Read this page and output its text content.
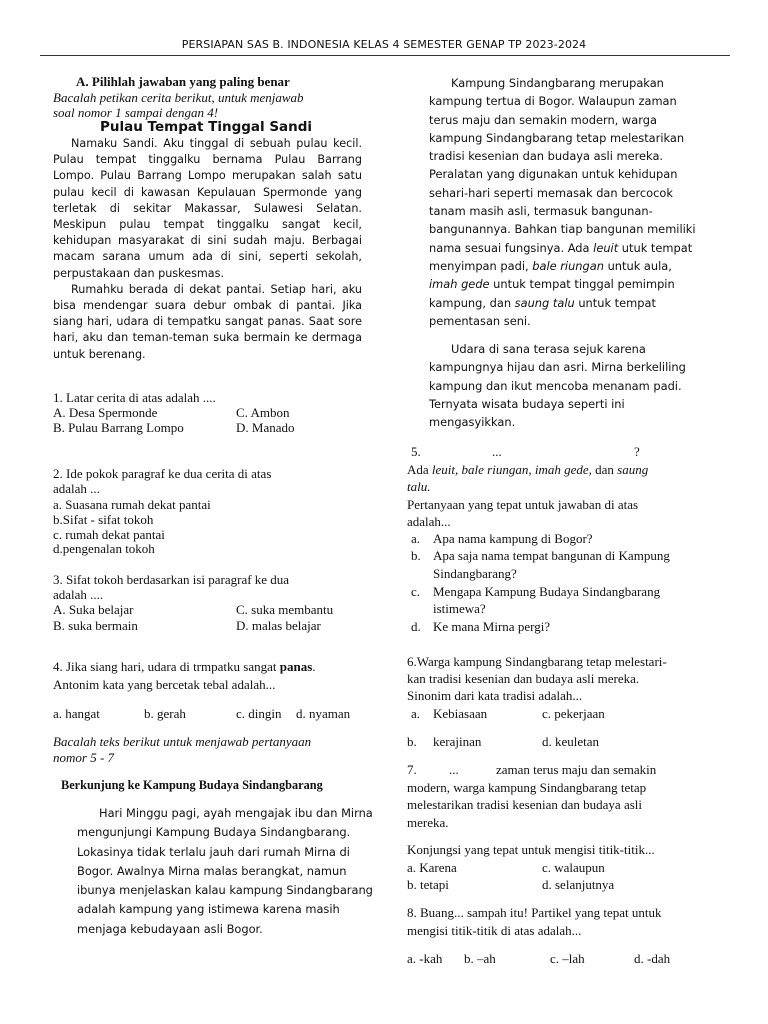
PERSIAPAN SAS B. INDONESIA KELAS 4 SEMESTER GENAP TP 2023-2024
A. Pilihlah jawaban yang paling benar
Bacalah petikan cerita berikut, untuk menjawab
soal nomor 1 sampai dengan 4!
Pulau Tempat Tinggal Sandi

Namaku Sandi. Aku tinggal di sebuah pulau kecil. Pulau tempat tinggalku bernama Pulau Barrang Lompo. Pulau Barrang Lompo merupakan salah satu pulau kecil di kawasan Kepulauan Spermonde yang terletak di sekitar Makassar, Sulawesi Selatan. Meskipun pulau tempat tinggalku sangat kecil, kehidupan masyarakat di sini sudah maju. Berbagai macam sarana umum ada di sini, seperti sekolah, perpustakaan dan puskesmas.

Rumahku berada di dekat pantai. Setiap hari, aku bisa mendengar suara debur ombak di pantai. Jika siang hari, udara di tempatku sangat panas. Saat sore hari, aku dan teman-teman suka bermain ke dermaga untuk berenang.

1. Latar cerita di atas adalah ....
A. Desa Spermonde	C. Ambon
B. Pulau Barrang Lompo	D. Manado
2. Ide pokok paragraf ke dua cerita di atas
adalah ...
a. Suasana rumah dekat pantai
b.Sifat - sifat tokoh
c. rumah dekat pantai
d.pengenalan tokoh
3. Sifat tokoh berdasarkan isi paragraf ke dua
adalah ....
A. Suka belajar	C. suka membantu
B. suka bermain	D. malas belajar
4. Jika siang hari, udara di trmpatku sangat panas.
Antonim kata yang bercetak tebal adalah...
a. hangat	b. gerah	c. dingin d. nyaman
Bacalah teks berikut untuk menjawab pertanyaan
nomor 5 - 7
Berkunjung ke Kampung Budaya Sindangbarang

Hari Minggu pagi, ayah mengajak ibu dan Mirna mengunjungi Kampung Budaya Sindangbarang. Lokasinya tidak terlalu jauh dari rumah Mirna di Bogor. Awalnya Mirna malas berangkat, namun ibunya menjelaskan kalau kampung Sindangbarang adalah kampung yang istimewa karena masih menjaga kebudayaan asli Bogor.

Kampung Sindangbarang merupakan
kampung tertua di Bogor. Walaupun zaman
terus maju dan semakin modern, warga
kampung Sindangbarang tetap melestarikan
tradisi kesenian dan budaya asli mereka.
Peralatan yang digunakan untuk kehidupan
sehari-hari seperti memasak dan bercocok
tanam masih asli, termasuk bangunan-
bangunannya. Bahkan tiap bangunan memiliki
nama sesuai fungsinya. Ada leuit utuk tempat
menyimpan padi, bale riungan untuk aula,
imah gede untuk tempat tinggal pemimpin
kampung, dan saung talu untuk tempat
pementasan seni.
Udara di sana terasa sejuk karena
kampungnya hijau dan asri. Mirna berkeliling
kampung dan ikut mencoba menanam padi.
Ternyata wisata budaya seperti ini
mengasyikkan.
5.	...	?
Ada leuit, bale riungan, imah gede, dan saung
talu.
Pertanyaan yang tepat untuk jawaban di atas
adalah...
a. Apa nama kampung di Bogor?
b. Apa saja nama tempat bangunan di Kampung
Sindangbarang?
c. Mengapa Kampung Budaya Sindangbarang
istimewa?
d. Ke mana Mirna pergi?
6.Warga kampung Sindangbarang tetap melestari-
kan tradisi kesenian dan budaya asli mereka.
Sinonim dari kata tradisi adalah...
a. Kebiasaan	c. pekerjaan
b. kerajinan	d. keuletan
7. ...	zaman terus maju dan semakin
modern, warga kampung Sindangbarang tetap
melestarikan tradisi kesenian dan budaya asli
mereka.
Konjungsi yang tepat untuk mengisi titik-titik...
a. Karena	c. walaupun
b. tetapi	d. selanjutnya
8. Buang... sampah itu! Partikel yang tepat untuk
mengisi titik-titik di atas adalah...
a. -kah b. –ah	c. –lah	d. -dah
